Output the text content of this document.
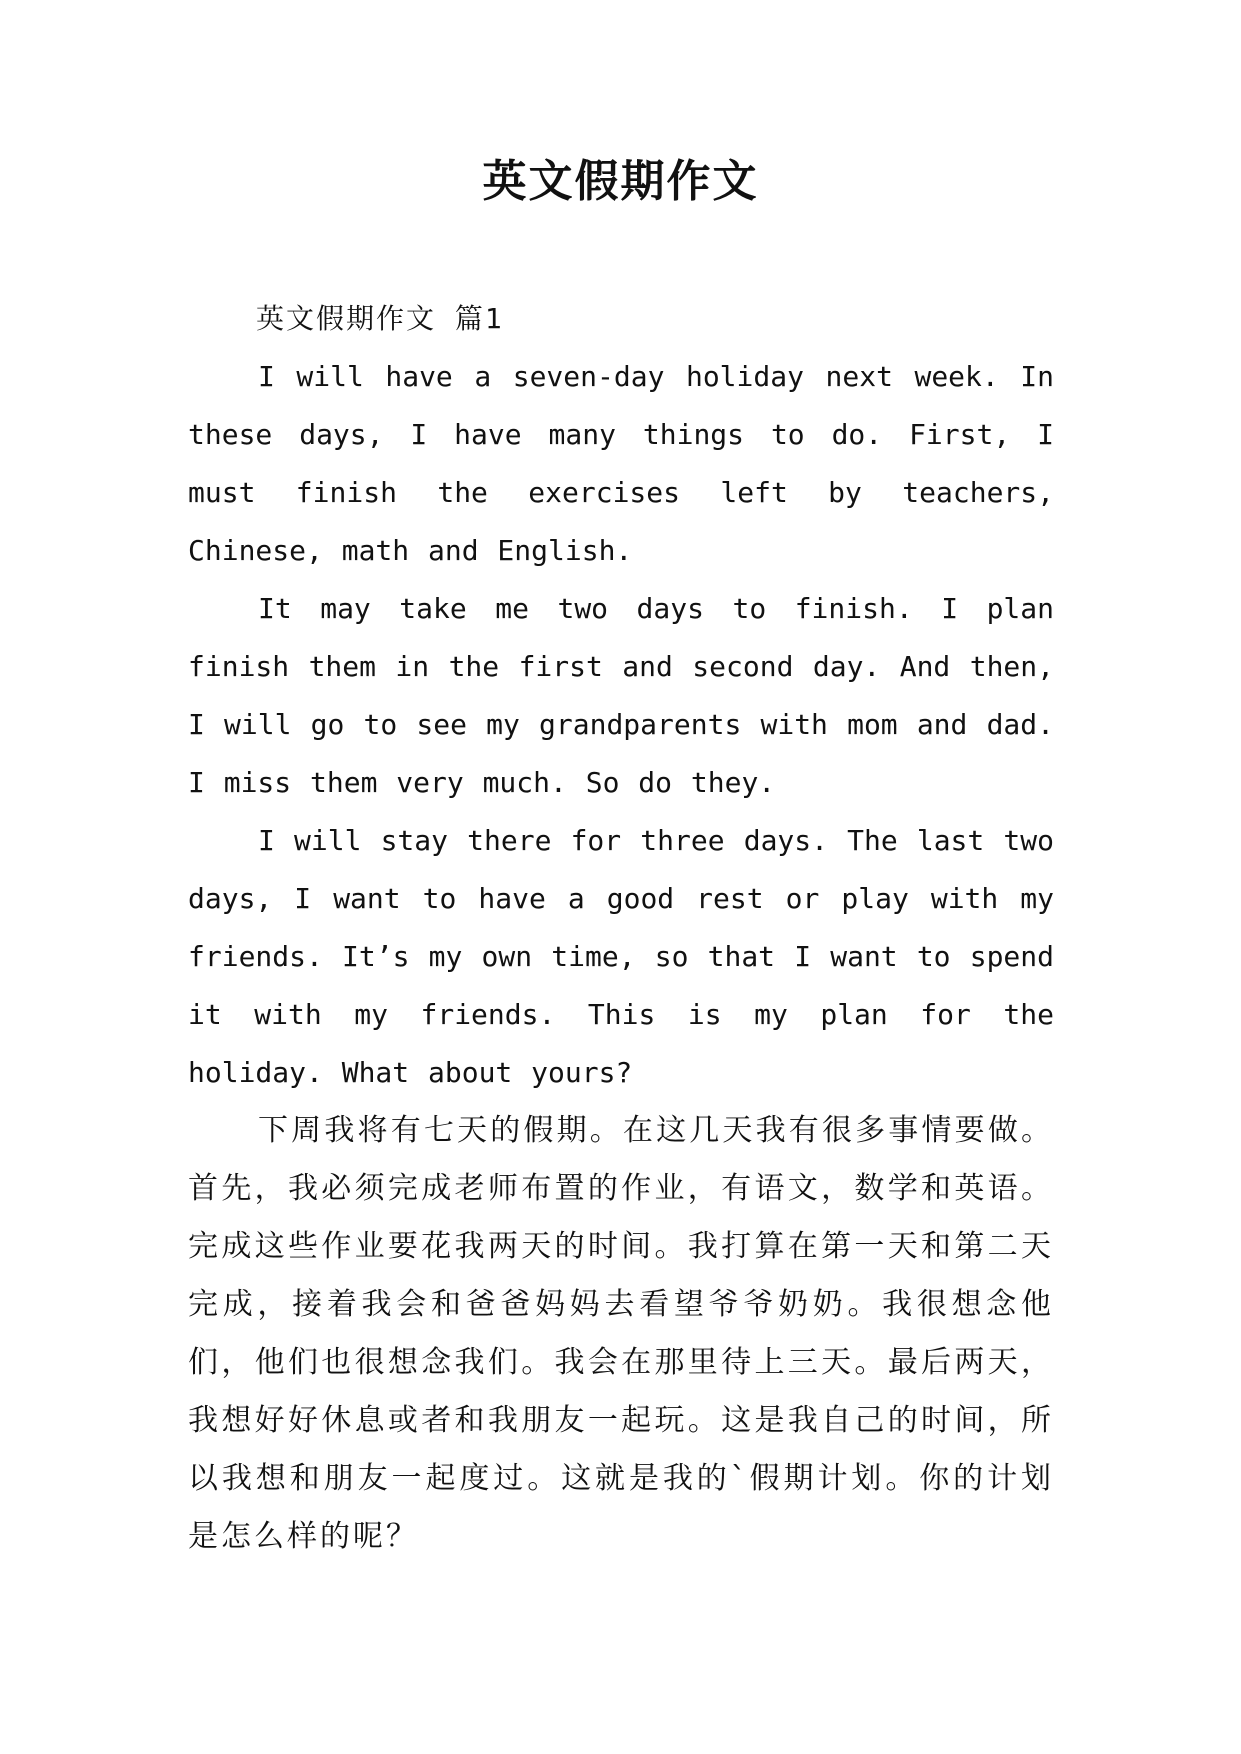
英文假期作文
英文假期作文 篇1

I will have a seven-day holiday next week. In these days, I have many things to do. First, I must finish the exercises left by teachers, Chinese, math and English.

It may take me two days to finish. I plan finish them in the first and second day. And then, I will go to see my grandparents with mom and dad. I miss them very much. So do they.

I will stay there for three days. The last two days, I want to have a good rest or play with my friends. It’s my own time, so that I want to spend it with my friends. This is my plan for the holiday. What about yours?

下周我将有七天的假期。在这几天我有很多事情要做。首先，我必须完成老师布置的作业，有语文，数学和英语。完成这些作业要花我两天的时间。我打算在第一天和第二天完成，接着我会和爸爸妈妈去看望爷爷奶奶。我很想念他们，他们也很想念我们。我会在那里待上三天。最后两天，我想好好休息或者和我朋友一起玩。这是我自己的时间，所以我想和朋友一起度过。这就是我的`假期计划。你的计划是怎么样的呢？
